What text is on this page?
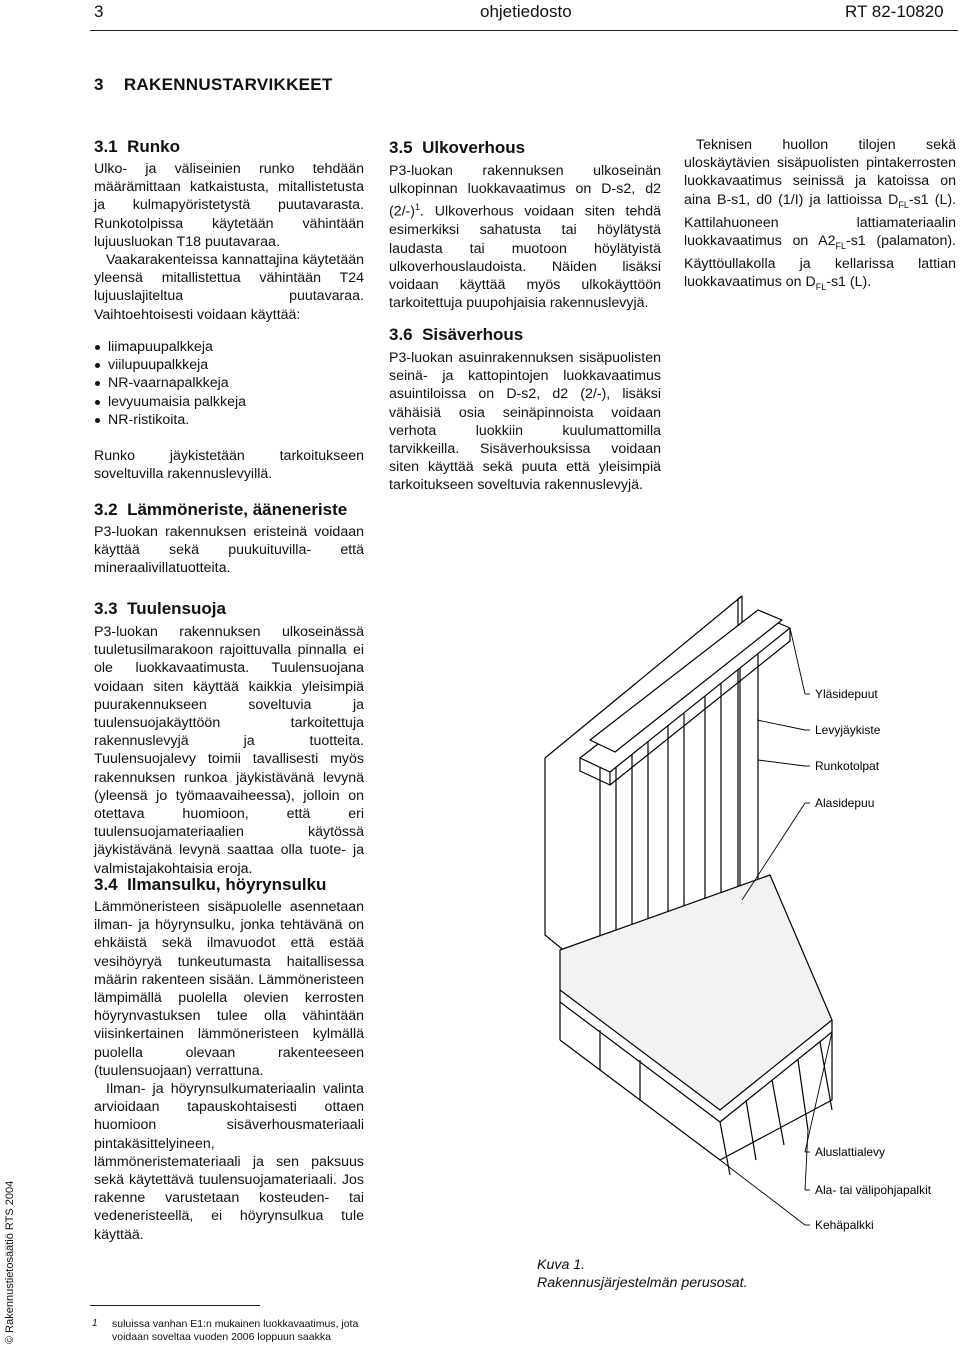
3	ohjetiedosto	RT 82-10820
3    RAKENNUSTARVIKKEET
3.1  Runko

Ulko- ja väliseinien runko tehdään määrämittaan katkaistusta, mitallistetusta ja kulmapyöristetystä puutavarasta. Runkotolpissa käytetään vähintään lujuusluokan T18 puutavaraa.

Vaakarakenteissa kannattajina käytetään yleensä mitallistettua vähintään T24 lujuuslajiteltua puutavaraa. Vaihtoehtoisesti voidaan käyttää:

liimapuupalkkeja
viilupuupalkkeja
NR-vaarnapalkkeja
levyuumaisia palkkeja
NR-ristikoita.
Runko jäykistetään tarkoitukseen soveltuvilla rakennuslevyillä.
3.2  Lämmöneriste, ääneneriste
P3-luokan rakennuksen eristeinä voidaan käyttää sekä puukuituvilla- että mineraalivillatuotteita.
3.3  Tuulensuoja
P3-luokan rakennuksen ulkoseinässä tuuletusilmarakoon rajoittuvalla pinnalla ei ole luokkavaatimusta. Tuulensuojana voidaan siten käyttää kaikkia yleisimpiä puurakennukseen soveltuvia ja tuulensuojakäyttöön tarkoitettuja rakennuslevyjä ja tuotteita. Tuulensuojalevy toimii tavallisesti myös rakennuksen runkoa jäykistävänä levynä (yleensä jo työmaavaiheessa), jolloin on otettava huomioon, että eri tuulensuojamateriaalien käytössä jäykistävänä levynä saattaa olla tuote- ja valmistajakohtaisia eroja.
3.4  Ilmansulku, höyrynsulku

Lämmöneristeen sisäpuolelle asennetaan ilman- ja höyrynsulku, jonka tehtävänä on ehkäistä sekä ilmavuodot että estää vesihöyryä tunkeutumasta haitallisessa määrin rakenteen sisään. Lämmöneristeen lämpimällä puolella olevien kerrosten höyrynvastuksen tulee olla vähintään viisinkertainen lämmöneristeen kylmällä puolella olevaan rakenteeseen (tuulensuojaan) verrattuna.

Ilman- ja höyrynsulkumateriaalin valinta arvioidaan tapauskohtaisesti ottaen huomioon sisäverhousmateriaali pintakäsittelyineen, lämmöneristemateriaali ja sen paksuus sekä käytettävä tuulensuojamateriaali. Jos rakenne varustetaan kosteuden- tai vedeneristeellä, ei höyrynsulkua tule käyttää.

3.5  Ulkoverhous
P3-luokan rakennuksen ulkoseinän ulkopinnan luokkavaatimus on D-s2, d2 $(2/-)^1$. Ulkoverhous voidaan siten tehdä esimerkiksi sahatusta tai höylätystä laudasta tai muotoon höylätyistä ulkoverhouslaudoista. Näiden lisäksi voidaan käyttää myös ulkokäyttöön tarkoitettuja puupohjaisia rakennuslevyjä.
3.6  Sisäverhous
P3-luokan asuinrakennuksen sisäpuolisten seinä- ja kattopintojen luokkavaatimus asuintiloissa on D-s2, d2 (2/-), lisäksi vähäisiä osia seinäpinnoista voidaan verhota luokkiin kuulumattomilla tarvikkeilla. Sisäverhouksissa voidaan siten käyttää sekä puuta että yleisimpiä tarkoitukseen soveltuvia rakennuslevyjä.
Teknisen huollon tilojen sekä uloskäytävien sisäpuolisten pintakerrosten luokkavaatimus seinissä ja katoissa on aina B-s1, d0 (1/I) ja lattioissa $D_{FL}-s1$ (L). Kattilahuoneen lattiamateriaalin luokkavaatimus on $A2_{FL}-s1$ (palamaton). Käyttöullakolla ja kellarissa lattian luokkavaatimus on $D_{FL}-s1$ (L).
Yläsidepuut
Levyjäykiste
Runkotolpat
Alasidepuu
Aluslattialevy
Ala- tai välipohjapalkit
Kehäpalkki
Kuva 1.
Rakennusjärjestelmän perusosat.
© Rakennustietosäätiö RTS 2004	1 suluissa vanhan E1:n mukainen luokkavaatimus, jota voidaan soveltaa vuoden 2006 loppuun saakka
